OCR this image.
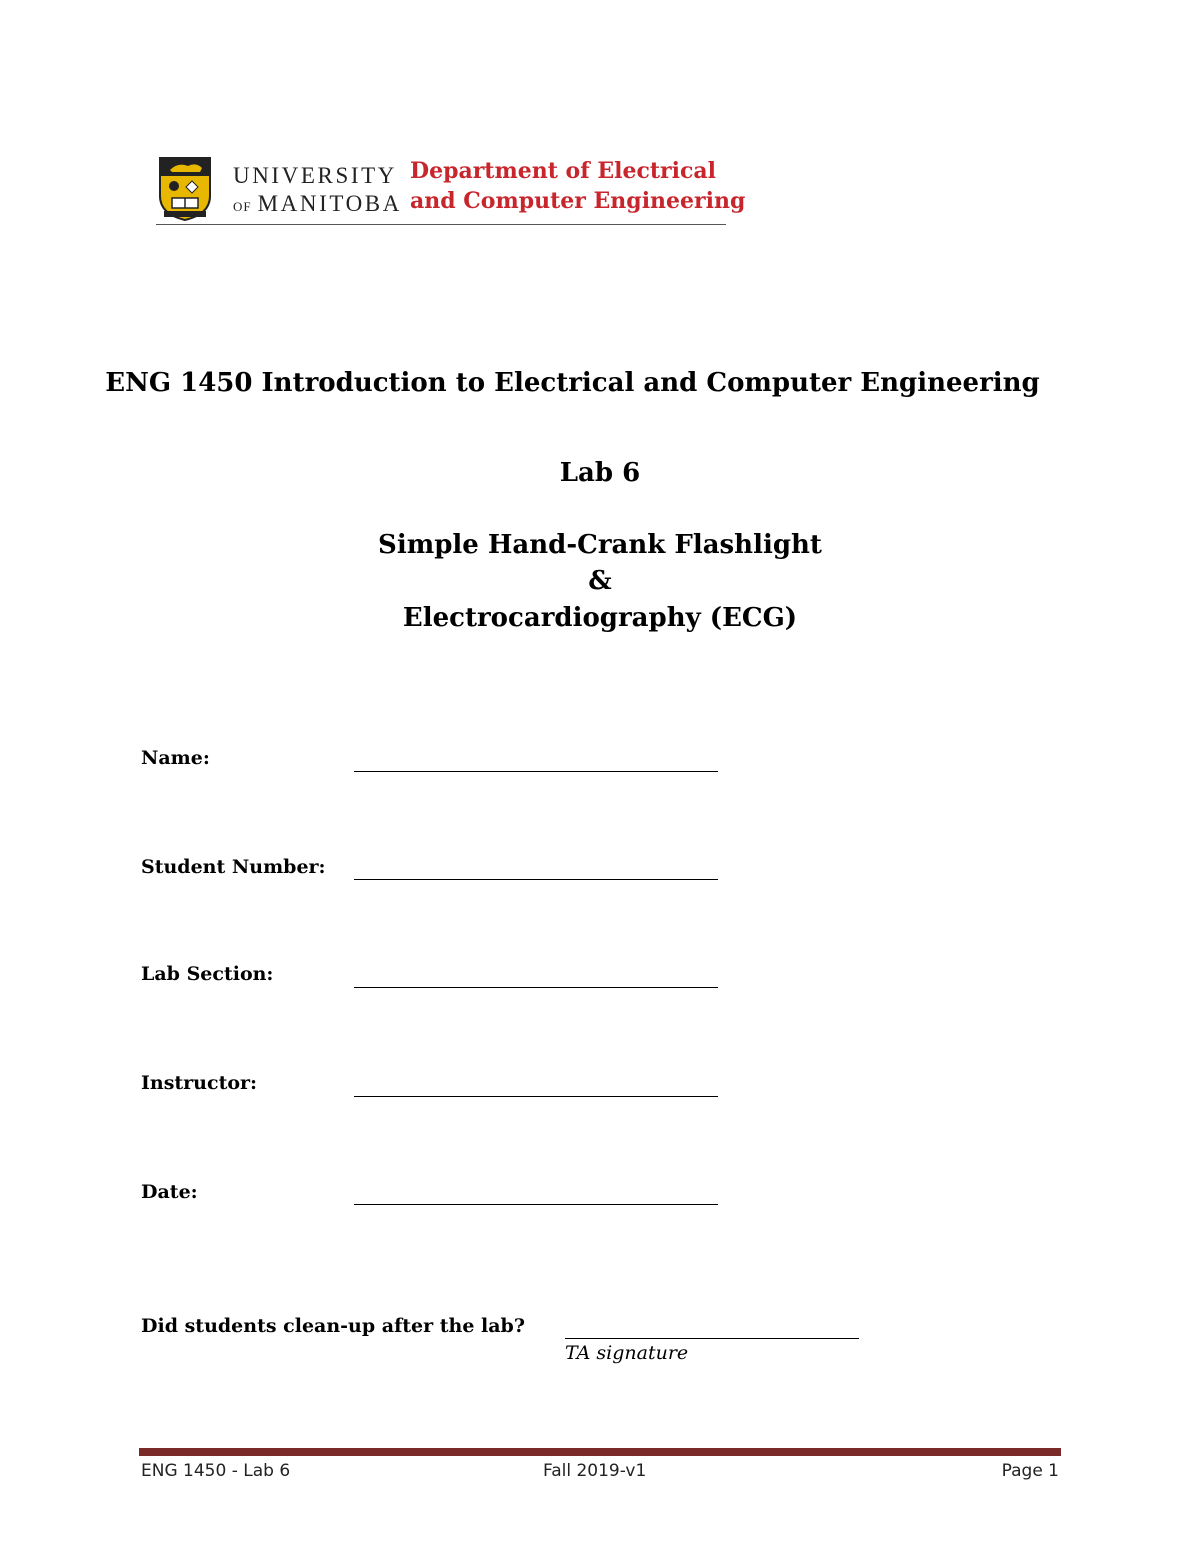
UNIVERSITY
OF MANITOBA
Department of Electrical
and Computer Engineering
ENG 1450 Introduction to Electrical and Computer Engineering
Lab 6
Simple Hand-Crank Flashlight
&
Electrocardiography (ECG)
Name:
Student Number:
Lab Section:
Instructor:
Date:
Did students clean-up after the lab?
TA signature
ENG 1450 - Lab 6	Fall 2019-v1	Page 1
